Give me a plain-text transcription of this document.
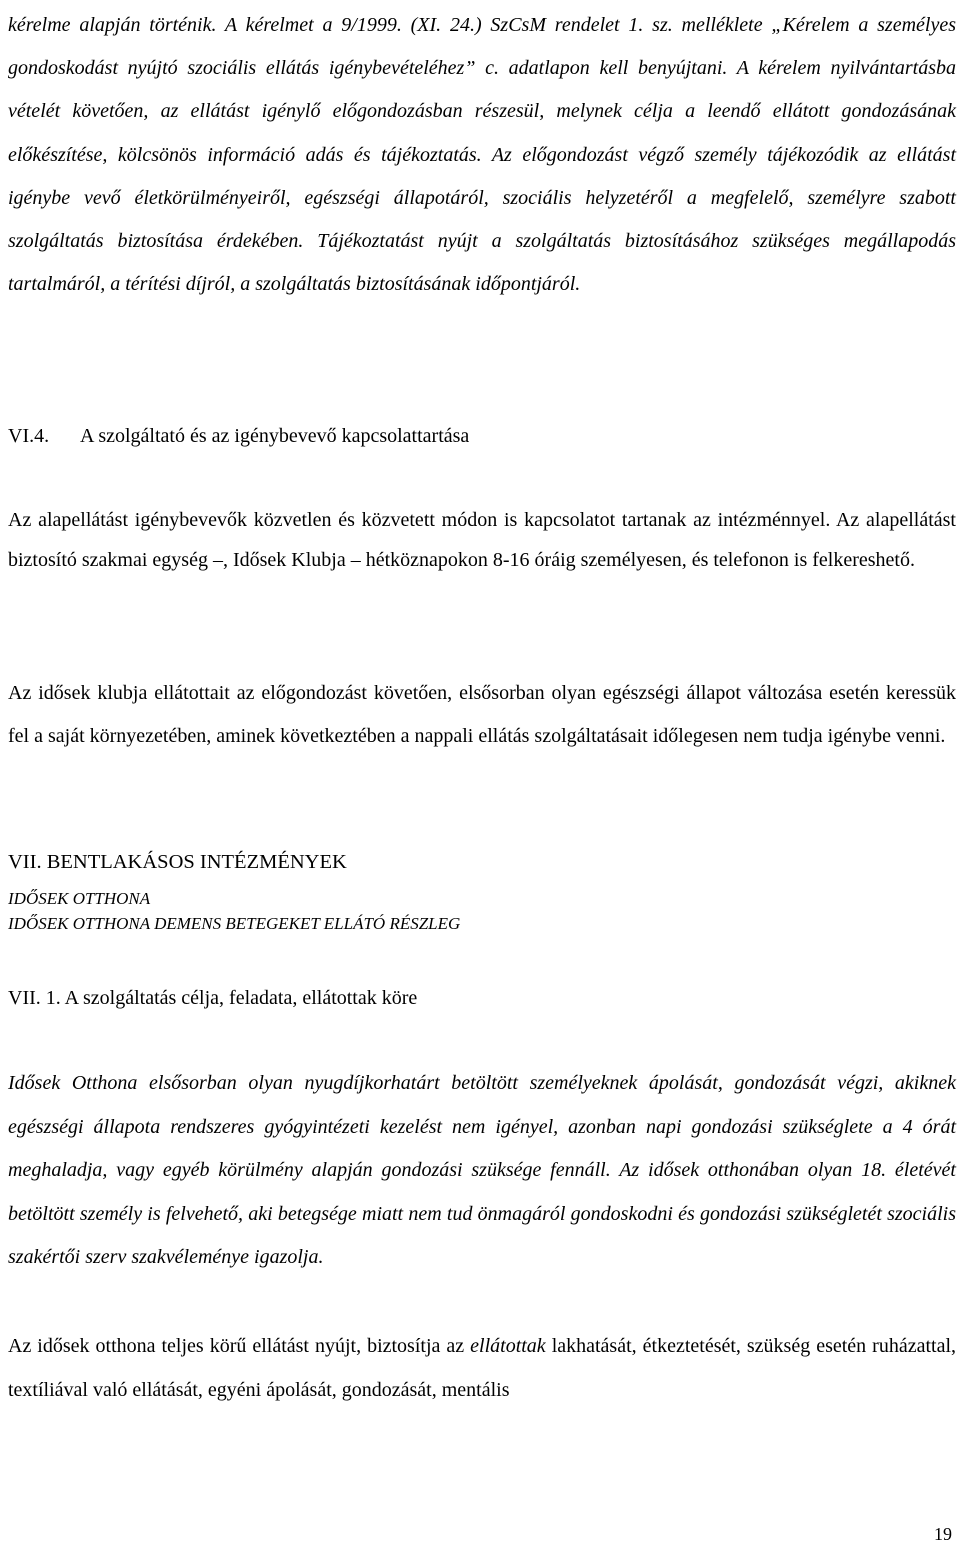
kérelme alapján történik. A kérelmet a 9/1999. (XI. 24.) SzCsM rendelet 1. sz. melléklete „Kérelem a személyes gondoskodást nyújtó szociális ellátás igénybevételéhez” c. adatlapon kell benyújtani. A kérelem nyilvántartásba vételét követően, az ellátást igénylő előgondozásban részesül, melynek célja a leendő ellátott gondozásának előkészítése, kölcsönös információ adás és tájékoztatás. Az előgondozást végző személy tájékozódik az ellátást igénybe vevő életkörülményeiről, egészségi állapotáról, szociális helyzetéről a megfelelő, személyre szabott szolgáltatás biztosítása érdekében. Tájékoztatást nyújt a szolgáltatás biztosításához szükséges megállapodás tartalmáról, a térítési díjról, a szolgáltatás biztosításának időpontjáról.
VI.4. A szolgáltató és az igénybevevő kapcsolattartása
Az alapellátást igénybevevők közvetlen és közvetett módon is kapcsolatot tartanak az intézménnyel. Az alapellátást biztosító szakmai egység –, Idősek Klubja – hétköznapokon 8-16 óráig személyesen, és telefonon is felkereshető.
Az idősek klubja ellátottait az előgondozást követően, elsősorban olyan egészségi állapot változása esetén keressük fel a saját környezetében, aminek következtében a nappali ellátás szolgáltatásait időlegesen nem tudja igénybe venni.
VII. BENTLAKÁSOS INTÉZMÉNYEK
IDŐSEK OTTHONA
IDŐSEK OTTHONA DEMENS BETEGEKET ELLÁTÓ RÉSZLEG
VII. 1. A szolgáltatás célja, feladata, ellátottak köre
Idősek Otthona elsősorban olyan nyugdíjkorhatárt betöltött személyeknek ápolását, gondozását végzi, akiknek egészségi állapota rendszeres gyógyintézeti kezelést nem igényel, azonban napi gondozási szükséglete a 4 órát meghaladja, vagy egyéb körülmény alapján gondozási szüksége fennáll. Az idősek otthonában olyan 18. életévét betöltött személy is felvehető, aki betegsége miatt nem tud önmagáról gondoskodni és gondozási szükségletét szociális szakértői szerv szakvéleménye igazolja.
Az idősek otthona teljes körű ellátást nyújt, biztosítja az ellátottak lakhatását, étkeztetését, szükség esetén ruházattal, textíliával való ellátását, egyéni ápolását, gondozását, mentális
19
